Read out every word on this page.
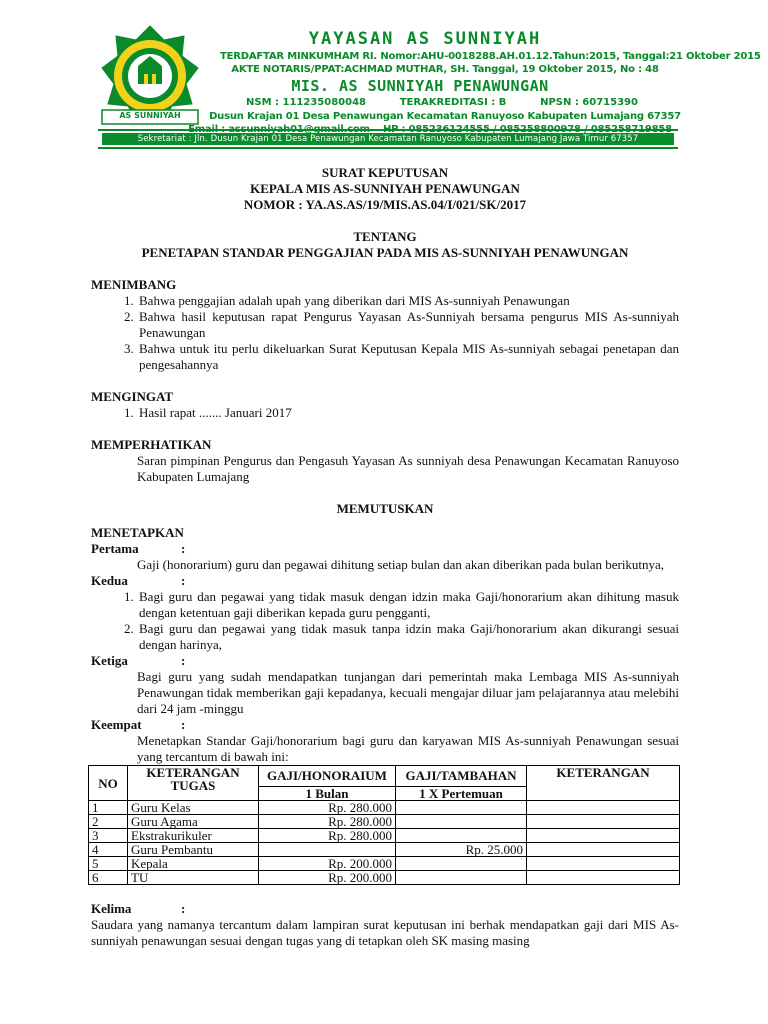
AS SUNNIYAH
YAYASAN AS SUNNIYAH
TERDAFTAR MINKUMHAM RI. Nomor:AHU-0018288.AH.01.12.Tahun:2015, Tanggal:21 Oktober 2015
AKTE NOTARIS/PPAT:ACHMAD MUTHAR, SH. Tanggal, 19 Oktober 2015, No : 48
MIS. AS SUNNIYAH PENAWUNGAN
NSM : 111235080048	TERAKREDITASI : B	NPSN : 60715390
Dusun Krajan 01 Desa Penawungan Kecamatan Ranuyoso Kabupaten Lumajang 67357
Sekretariat : Jln. Dusun Krajan 01 Desa Penawungan Kecamatan Ranuyoso Kabupaten Lumajang Jawa Timur 67357
SURAT KEPUTUSAN
KEPALA MIS AS-SUNNIYAH PENAWUNGAN
NOMOR : YA.AS.AS/19/MIS.AS.04/I/021/SK/2017
TENTANG
PENETAPAN STANDAR PENGGAJIAN PADA MIS AS-SUNNIYAH PENAWUNGAN
MENIMBANG
1. Bahwa penggajian adalah upah yang diberikan dari MIS As-sunniyah Penawungan
2. Bahwa hasil keputusan rapat Pengurus Yayasan As-Sunniyah bersama pengurus MIS As-sunniyah Penawungan
3. Bahwa untuk itu perlu dikeluarkan Surat Keputusan Kepala MIS As-sunniyah sebagai penetapan dan pengesahannya
MENGINGAT
1. Hasil rapat ....... Januari 2017
MEMPERHATIKAN
Saran pimpinan Pengurus dan Pengasuh Yayasan As sunniyah desa Penawungan Kecamatan Ranuyoso Kabupaten Lumajang
MEMUTUSKAN
MENETAPKAN
Pertama	:
Gaji (honorarium) guru dan pegawai dihitung setiap bulan dan akan diberikan pada bulan berikutnya,
Kedua	:
1. Bagi guru dan pegawai yang tidak masuk dengan idzin maka Gaji/honorarium akan dihitung masuk dengan ketentuan gaji diberikan kepada guru pengganti,
2. Bagi guru dan pegawai yang tidak masuk tanpa idzin maka Gaji/honorarium akan dikurangi sesuai dengan harinya,
Ketiga	:
Bagi guru yang sudah mendapatkan tunjangan dari pemerintah maka Lembaga MIS As-sunniyah Penawungan tidak memberikan gaji kepadanya, kecuali mengajar diluar jam pelajarannya atau melebihi dari 24 jam -minggu
Keempat	:
Menetapkan Standar Gaji/honorarium bagi guru dan karyawan MIS As-sunniyah Penawungan sesuai yang tercantum di bawah ini:
NO	KETERANGAN TUGAS	GAJI/HONORAIUM	GAJI/TAMBAHAN	KETERANGAN
		1 Bulan	1 X Pertemuan	
1	Guru Kelas	Rp. 280.000		
2	Guru Agama	Rp. 280.000		
3	Ekstrakurikuler	Rp. 280.000		
4	Guru Pembantu		Rp. 25.000	
5	Kepala	Rp. 200.000		
6	TU	Rp. 200.000		
Kelima	:
Saudara yang namanya tercantum dalam lampiran surat keputusan ini berhak mendapatkan gaji dari MIS As-sunniyah penawungan sesuai dengan tugas yang di tetapkan oleh SK masing masing
